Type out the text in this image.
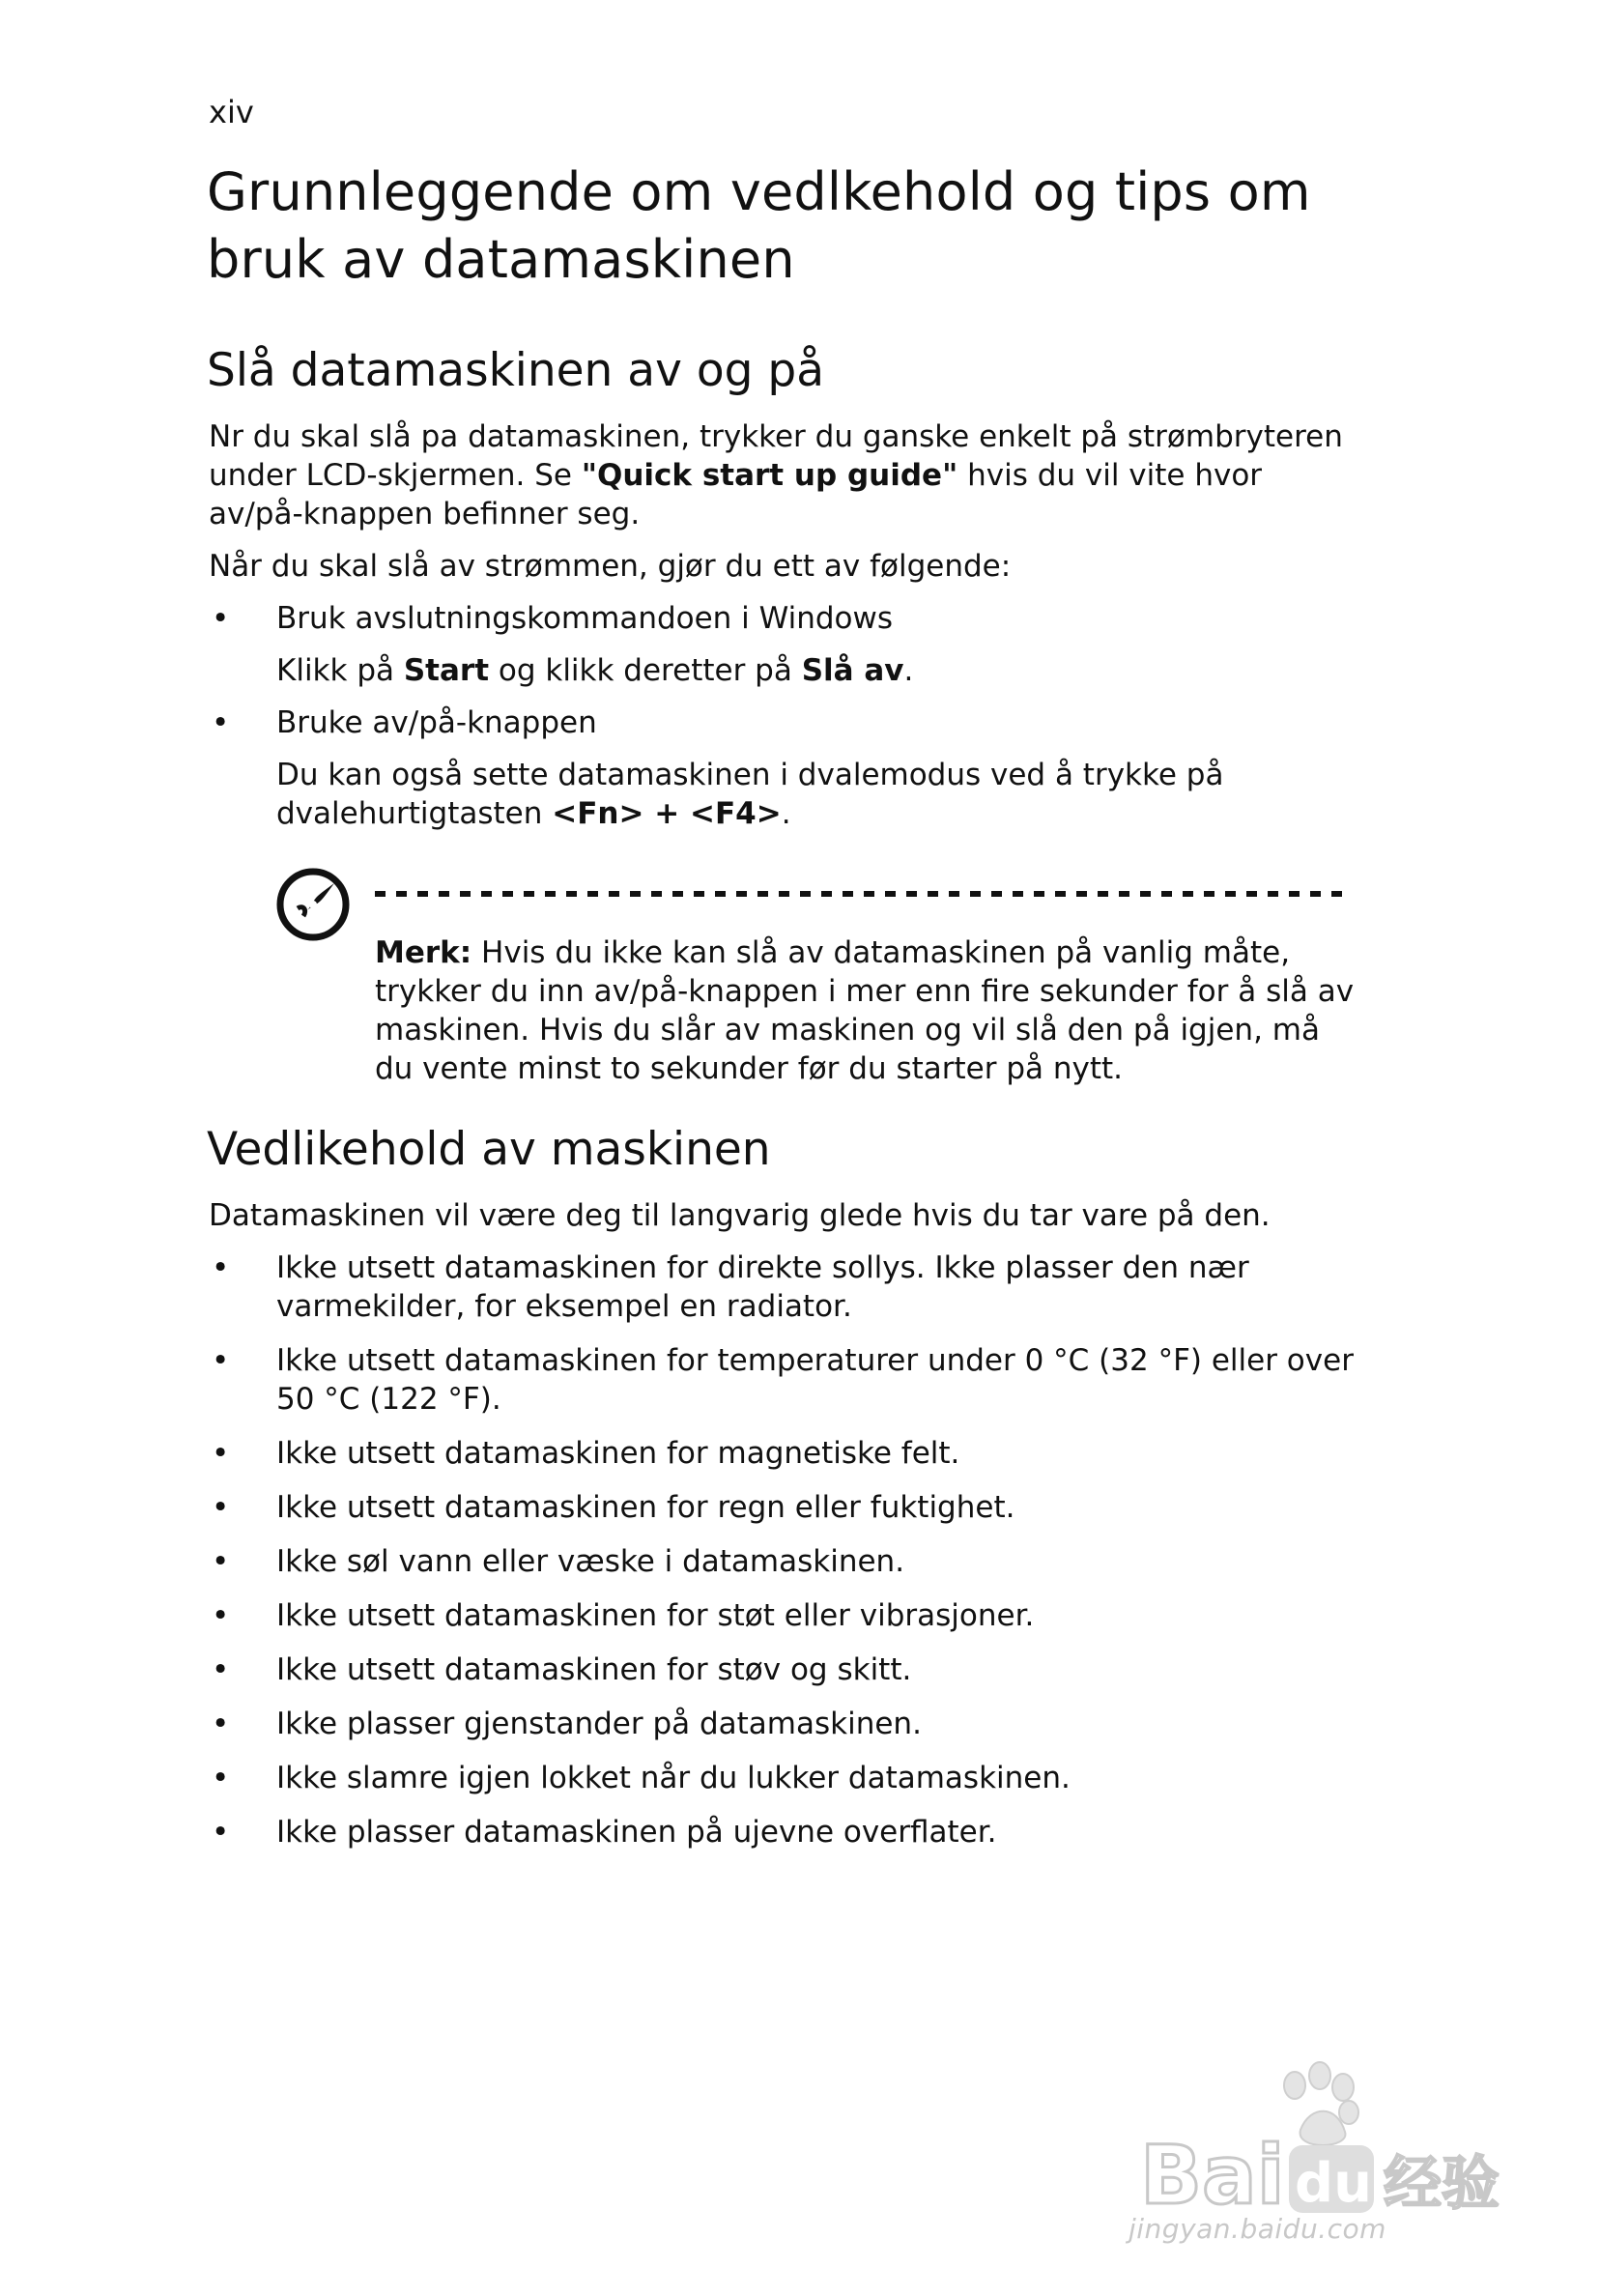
xiv
Grunnleggende om vedlkehold og tips om
bruk av datamaskinen
Slå datamaskinen av og på
Nr du skal slå pa datamaskinen, trykker du ganske enkelt på strømbryteren under LCD-skjermen. Se "Quick start up guide" hvis du vil vite hvor av/på-knappen befinner seg.
Når du skal slå av strømmen, gjør du ett av følgende:
•	Bruk avslutningskommandoen i Windows
Klikk på Start og klikk deretter på Slå av.
•	Bruke av/på-knappen
Du kan også sette datamaskinen i dvalemodus ved å trykke på dvalehurtigtasten <Fn> + <F4>.
Merk: Hvis du ikke kan slå av datamaskinen på vanlig måte, trykker du inn av/på-knappen i mer enn fire sekunder for å slå av maskinen. Hvis du slår av maskinen og vil slå den på igjen, må du vente minst to sekunder før du starter på nytt.
Vedlikehold av maskinen
Datamaskinen vil være deg til langvarig glede hvis du tar vare på den.
•	Ikke utsett datamaskinen for direkte sollys. Ikke plasser den nær varmekilder, for eksempel en radiator.
•	Ikke utsett datamaskinen for temperaturer under 0 °C (32 °F) eller over 50 °C (122 °F).
•	Ikke utsett datamaskinen for magnetiske felt.
•	Ikke utsett datamaskinen for regn eller fuktighet.
•	Ikke søl vann eller væske i datamaskinen.
•	Ikke utsett datamaskinen for støt eller vibrasjoner.
•	Ikke utsett datamaskinen for støv og skitt.
•	Ikke plasser gjenstander på datamaskinen.
•	Ikke slamre igjen lokket når du lukker datamaskinen.
•	Ikke plasser datamaskinen på ujevne overflater.
Bai du 经验
jingyan.baidu.com
